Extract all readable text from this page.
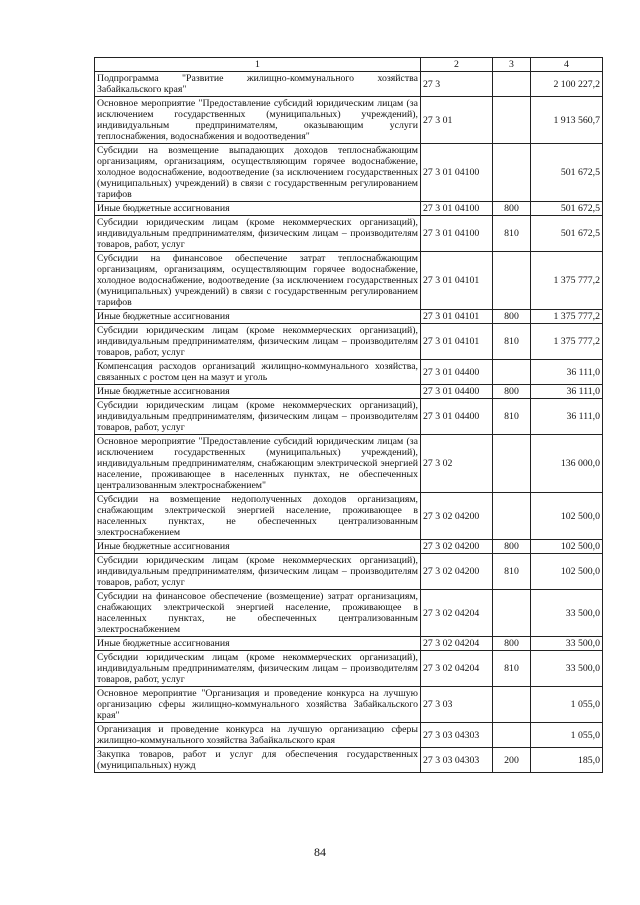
1	2	3	4
Подпрограмма "Развитие жилищно-коммунального хозяйства Забайкальского края"	27 3		2 100 227,2
Основное мероприятие "Предоставление субсидий юридическим лицам (за исключением государственных (муниципальных) учреждений), индивидуальным предпринимателям, оказывающим услуги теплоснабжения, водоснабжения и водоотведения"	27 3 01		1 913 560,7
Субсидии на возмещение выпадающих доходов теплоснабжающим организациям, организациям, осуществляющим горячее водоснабжение, холодное водоснабжение, водоотведение (за исключением государственных (муниципальных) учреждений) в связи с государственным регулированием тарифов	27 3 01 04100		501 672,5
Иные бюджетные ассигнования	27 3 01 04100	800	501 672,5
Субсидии юридическим лицам (кроме некоммерческих организаций), индивидуальным предпринимателям, физическим лицам – производителям товаров, работ, услуг	27 3 01 04100	810	501 672,5
Субсидии на финансовое обеспечение затрат теплоснабжающим организациям, организациям, осуществляющим горячее водоснабжение, холодное водоснабжение, водоотведение (за исключением государственных (муниципальных) учреждений) в связи с государственным регулированием тарифов	27 3 01 04101		1 375 777,2
Иные бюджетные ассигнования	27 3 01 04101	800	1 375 777,2
Субсидии юридическим лицам (кроме некоммерческих организаций), индивидуальным предпринимателям, физическим лицам – производителям товаров, работ, услуг	27 3 01 04101	810	1 375 777,2
Компенсация расходов организаций жилищно-коммунального хозяйства, связанных с ростом цен на мазут и уголь	27 3 01 04400		36 111,0
Иные бюджетные ассигнования	27 3 01 04400	800	36 111,0
Субсидии юридическим лицам (кроме некоммерческих организаций), индивидуальным предпринимателям, физическим лицам – производителям товаров, работ, услуг	27 3 01 04400	810	36 111,0
Основное мероприятие "Предоставление субсидий юридическим лицам (за исключением государственных (муниципальных) учреждений), индивидуальным предпринимателям, снабжающим электрической энергией население, проживающее в населенных пунктах, не обеспеченных централизованным электроснабжением"	27 3 02		136 000,0
Субсидии на возмещение недополученных доходов организациям, снабжающим электрической энергией население, проживающее в населенных пунктах, не обеспеченных централизованным электроснабжением	27 3 02 04200		102 500,0
Иные бюджетные ассигнования	27 3 02 04200	800	102 500,0
Субсидии юридическим лицам (кроме некоммерческих организаций), индивидуальным предпринимателям, физическим лицам – производителям товаров, работ, услуг	27 3 02 04200	810	102 500,0
Субсидии на финансовое обеспечение (возмещение) затрат организациям, снабжающих электрической энергией население, проживающее в населенных пунктах, не обеспеченных централизованным электроснабжением	27 3 02 04204		33 500,0
Иные бюджетные ассигнования	27 3 02 04204	800	33 500,0
Субсидии юридическим лицам (кроме некоммерческих организаций), индивидуальным предпринимателям, физическим лицам – производителям товаров, работ, услуг	27 3 02 04204	810	33 500,0
Основное мероприятие "Организация и проведение конкурса на лучшую организацию сферы жилищно-коммунального хозяйства Забайкальского края"	27 3 03		1 055,0
Организация и проведение конкурса на лучшую организацию сферы жилищно-коммунального хозяйства Забайкальского края	27 3 03 04303		1 055,0
Закупка товаров, работ и услуг для обеспечения государственных (муниципальных) нужд	27 3 03 04303	200	185,0
84
